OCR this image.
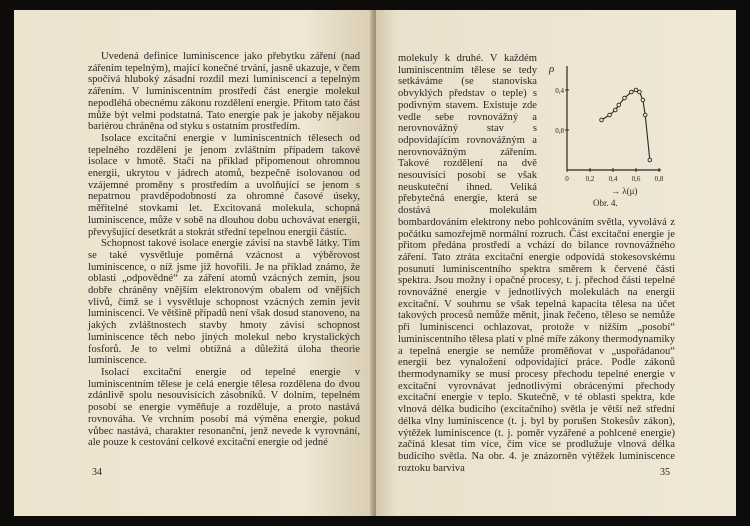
Uvedená definice luminiscence jako přebytku záření (nad zářením tepelným), mající konečné trvání, jasně ukazuje, v čem spočívá hluboký zásadní rozdíl mezi luminiscencí a tepelným zářením. V luminiscentním prostředí část energie molekul nepodléhá obecnému zákonu rozdělení energie. Přitom tato část může být velmi podstatná. Tato energie pak je jakoby nějakou bariérou chráněna od styku s ostatním prostředím.

Isolace excitační energie v luminiscentních tělesech od tepelného rozdělení je jenom zvláštním případem takové isolace v hmotě. Stačí na příklad připomenout ohromnou energii, ukrytou v jádrech atomů, bezpečně isolovanou od vzájemné proměny s prostředím a uvolňující se jenom s nepatrnou pravděpodobností za ohromné časové úseky, měřitelné stovkami let. Excitovaná molekula, schopná luminiscence, může v sobě na dlouhou dobu uchovávat energii, převyšující desetkrát a stokrát střední tepelnou energii částic.

Schopnost takové isolace energie závisí na stavbě látky. Tím se také vysvětluje poměrná vzácnost a výběrovost luminiscence, o níž jsme již hovořili. Je na příklad známo, že oblasti „odpovědné“ za záření atomů vzácných zemin, jsou dobře chráněny vnějším elektronovým obalem od vnějších vlivů, čímž se i vysvětluje schopnost vzácných zemin jevit luminiscenci. Ve většině případů není však dosud stanoveno, na jakých zvláštnostech stavby hmoty závisí schopnost luminiscence těch nebo jiných molekul nebo krystalických fosforů. Je to velmi obtížná a důležitá úloha theorie luminiscence.

Isolací excitační energie od tepelné energie v luminiscentním tělese je celá energie tělesa rozdělena do dvou zdánlivě spolu nesouvisících zásobníků. V dolním, tepelném posobí se energie vyměňuje a rozděluje, a proto nastává rovnováha. Ve vrchním posobí má výměna energie, pokud vůbec nastává, charakter resonanční, jenž nevede k vyrovnání, ale pouze k cestování celkové excitační energie od jedné

34
ρ
0,4
0,8
0 0,2 0,4 0,6 0,8
→ λ(μ)
Obr. 4.

molekuly k druhé. V každém luminiscentním tělese se tedy setkáváme (se stanoviska obvyklých představ o teple) s podivným stavem. Existuje zde vedle sebe rovnovážný a nerovnovážný stav s odpovídajícím rovnovážným a nerovnovážným zářením. Takové rozdělení na dvě nesouvisící posobí se však neuskuteční ihned. Veliká přebytečná energie, která se dostává molekulám bombardováním elektrony nebo pohlcováním světla, vyvolává z počátku samozřejmě normální rozruch. Část excitační energie je přitom předána prostředí a vchází do bilance rovnovážného záření. Tato ztráta excitační energie odpovídá stokesovskému posunutí luminiscentního spektra směrem k červené části spektra. Jsou možny i opačné procesy, t. j. přechod části tepelné rovnovážné energie v jednotlivých molekulách na energii excitační. V souhrnu se však tepelná kapacita tělesa na účet takových procesů nemůže měnit, jinak řečeno, těleso se nemůže při luminiscenci ochlazovat, protože v nižším „posobí“ luminiscentního tělesa platí v plné míře zákony thermodynamiky a tepelná energie se nemůže proměňovat v „uspořádanou“ energii bez vynaložení odpovídající práce. Podle zákonů thermodynamiky se musí procesy přechodu tepelné energie v excitační vyrovnávat jednotlivými obrácenými přechody excitační energie v teplo. Skutečně, v té oblasti spektra, kde vlnová délka budicího (excitačního) světla je větší než střední délka vlny luminiscence (t. j. byl by porušen Stokesův zákon), výtěžek luminiscence (t. j. poměr vyzářené a pohlcené energie) začíná klesat tím více, čím více se prodlužuje vlnová délka budicího světla. Na obr. 4. je znázorněn výtěžek luminiscence roztoku barviva	35
